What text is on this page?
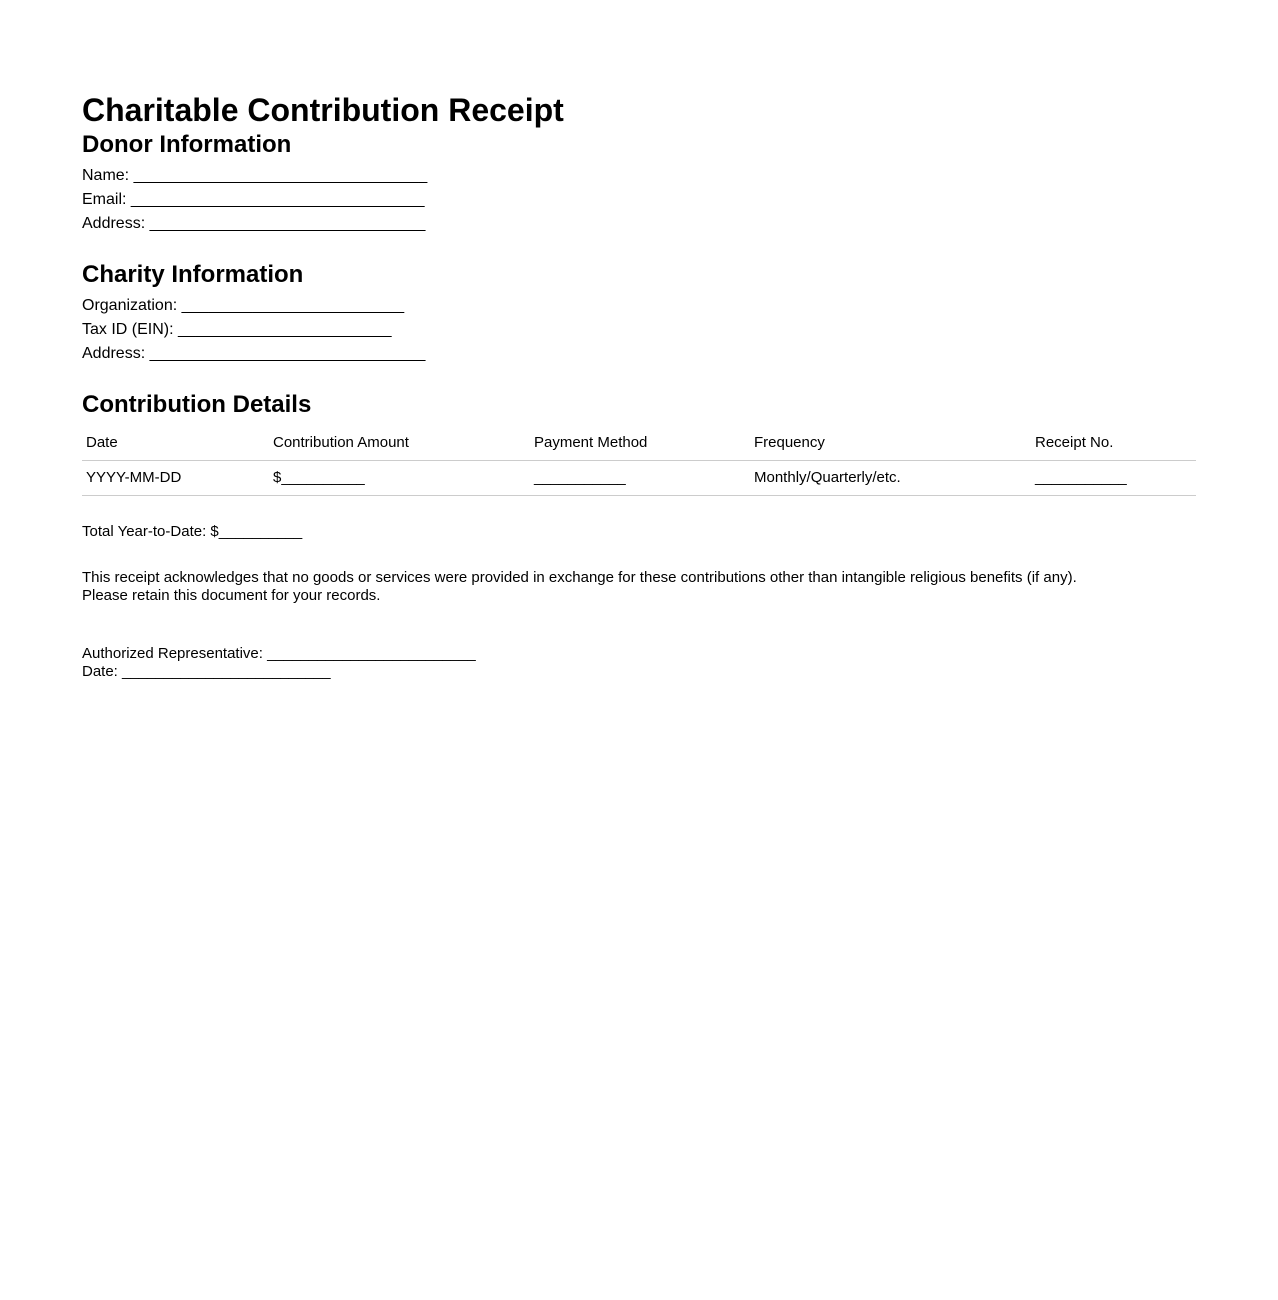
Charitable Contribution Receipt
Donor Information
Name: _________________________________
Email: _________________________________
Address: _______________________________
Charity Information
Organization: _________________________
Tax ID (EIN): ________________________
Address: _______________________________
Contribution Details
Date	Contribution Amount	Payment Method	Frequency	Receipt No.
YYYY-MM-DD	$__________	___________	Monthly/Quarterly/etc.	___________
Total Year-to-Date: $__________
This receipt acknowledges that no goods or services were provided in exchange for these contributions other than intangible religious benefits (if any).
Please retain this document for your records.
Authorized Representative: _________________________
Date: _________________________
